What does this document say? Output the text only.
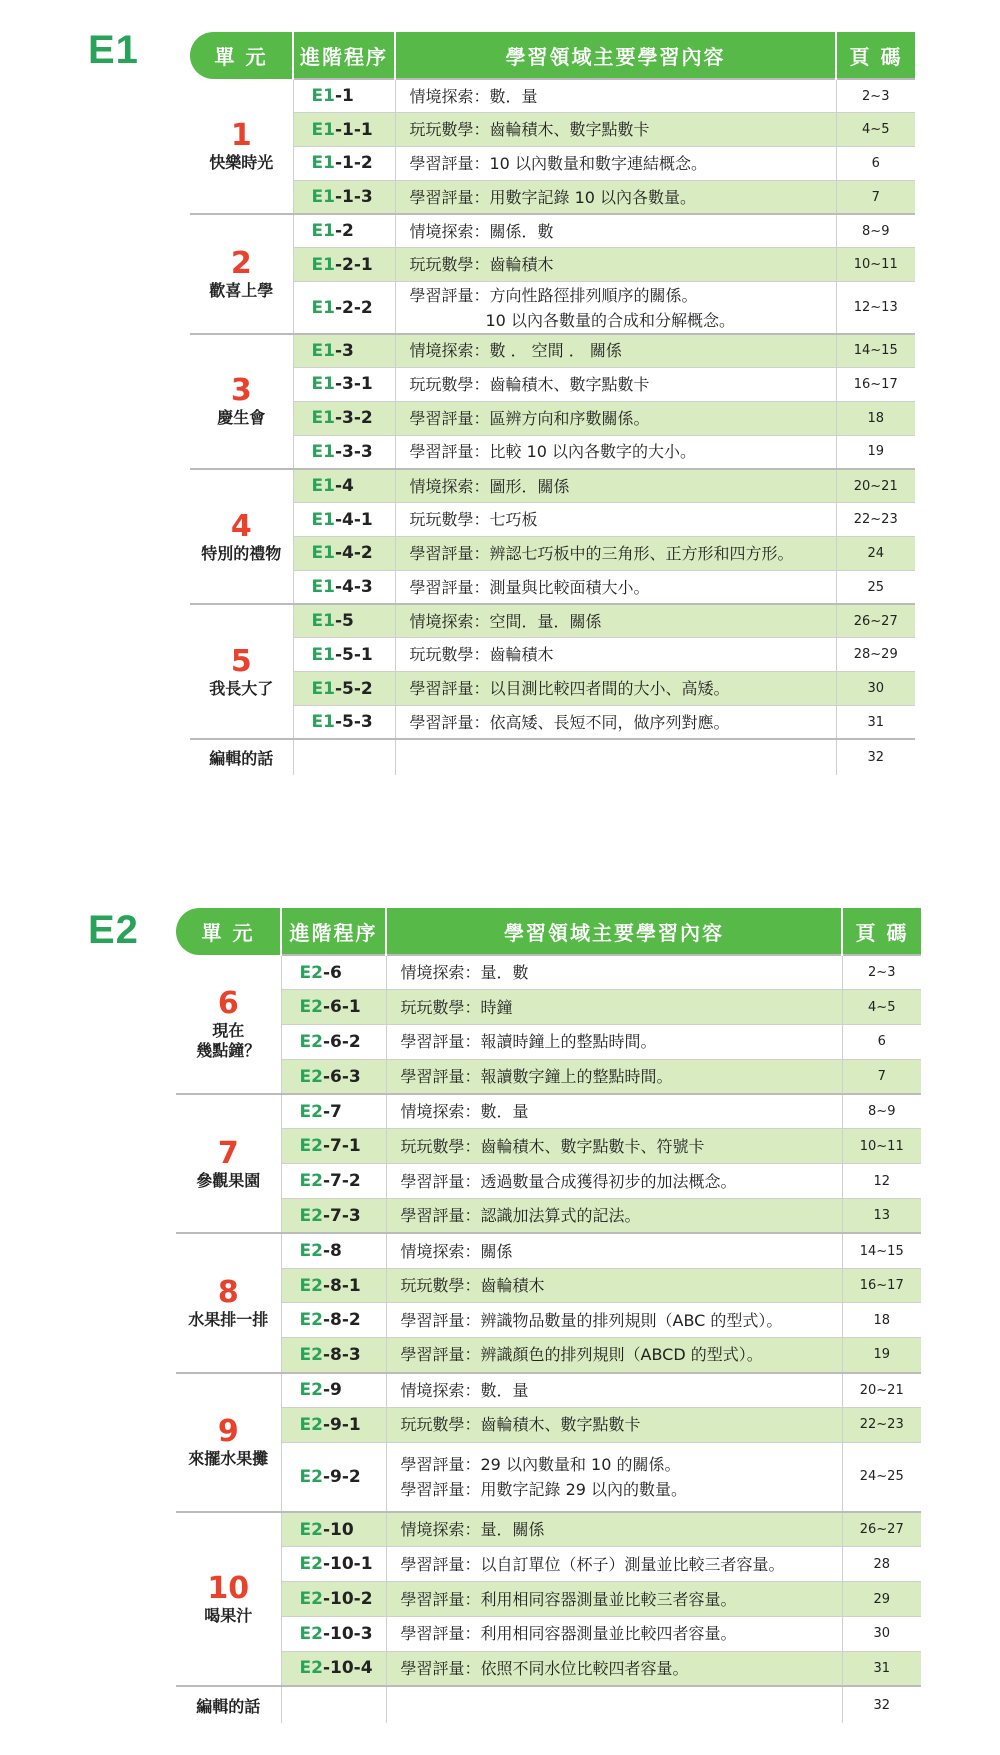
E1	單 元	進階程序	學習領域主要學習內容	頁 碼

1
快樂時光	E1-1	情境探索：數．量	2~3
	E1-1-1	玩玩數學：齒輪積木、數字點數卡	4~5
	E1-1-2	學習評量：10 以內數量和數字連結概念。	6
	E1-1-3	學習評量：用數字記錄 10 以內各數量。	7

2
歡喜上學	E1-2	情境探索：關係．數	8~9
	E1-2-1	玩玩數學：齒輪積木	10~11
	E1-2-2	學習評量：方向性路徑排列順序的關係。
10 以內各數量的合成和分解概念。	12~13

3
慶生會	E1-3	情境探索：數 ． 空間 ． 關係	14~15
	E1-3-1	玩玩數學：齒輪積木、數字點數卡	16~17
	E1-3-2	學習評量：區辨方向和序數關係。	18
	E1-3-3	學習評量：比較 10 以內各數字的大小。	19

4
特別的禮物	E1-4	情境探索：圖形．關係	20~21
	E1-4-1	玩玩數學：七巧板	22~23
	E1-4-2	學習評量：辨認七巧板中的三角形、正方形和四方形。	24
	E1-4-3	學習評量：測量與比較面積大小。	25

5
我長大了	E1-5	情境探索：空間．量．關係	26~27
	E1-5-1	玩玩數學：齒輪積木	28~29
	E1-5-2	學習評量：以目測比較四者間的大小、高矮。	30
	E1-5-3	學習評量：依高矮、長短不同，做序列對應。	31
編輯的話			32
E2	單 元	進階程序	學習領域主要學習內容	頁 碼

6
現在
幾點鐘？	E2-6	情境探索：量．數	2~3
	E2-6-1	玩玩數學：時鐘	4~5
	E2-6-2	學習評量：報讀時鐘上的整點時間。	6
	E2-6-3	學習評量：報讀數字鐘上的整點時間。	7

7
參觀果園	E2-7	情境探索：數．量	8~9
	E2-7-1	玩玩數學：齒輪積木、數字點數卡、符號卡	10~11
	E2-7-2	學習評量：透過數量合成獲得初步的加法概念。	12
	E2-7-3	學習評量：認識加法算式的記法。	13

8
水果排一排	E2-8	情境探索：關係	14~15
	E2-8-1	玩玩數學：齒輪積木	16~17
	E2-8-2	學習評量：辨識物品數量的排列規則（ABC 的型式）。	18
	E2-8-3	學習評量：辨識顏色的排列規則（ABCD 的型式）。	19

9
來擺水果攤	E2-9	情境探索：數．量	20~21
	E2-9-1	玩玩數學：齒輪積木、數字點數卡	22~23
	E2-9-2	學習評量：29 以內數量和 10 的關係。
學習評量：用數字記錄 29 以內的數量。	24~25

10
喝果汁	E2-10	情境探索：量．關係	26~27
	E2-10-1	學習評量：以自訂單位（杯子）測量並比較三者容量。	28
	E2-10-2	學習評量：利用相同容器測量並比較三者容量。	29
	E2-10-3	學習評量：利用相同容器測量並比較四者容量。	30
	E2-10-4	學習評量：依照不同水位比較四者容量。	31
編輯的話			32
